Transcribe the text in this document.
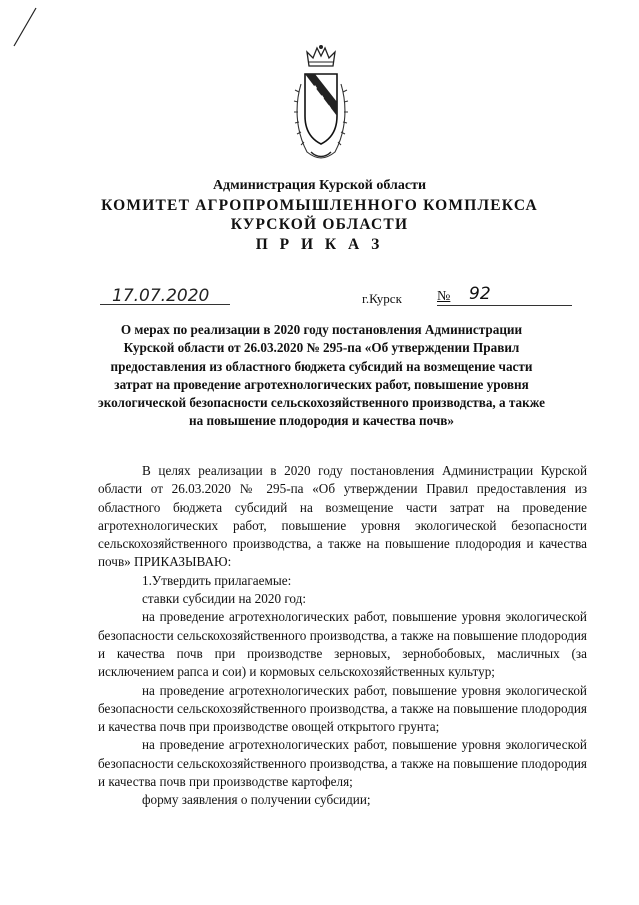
Администрация Курской области
КОМИТЕТ АГРОПРОМЫШЛЕННОГО КОМПЛЕКСА
КУРСКОЙ ОБЛАСТИ
П Р И К А З
17.07.2020	г.Курск	№ 92
О мерах по реализации в 2020 году постановления Администрации Курской области от 26.03.2020 № 295-па «Об утверждении Правил предоставления из областного бюджета субсидий на возмещение части затрат на проведение агротехнологических работ, повышение уровня экологической безопасности сельскохозяйственного производства, а также на повышение плодородия и качества почв»

В целях реализации в 2020 году постановления Администрации Курской области от 26.03.2020 № 295-па «Об утверждении Правил предоставления из областного бюджета субсидий на возмещение части затрат на проведение агротехнологических работ, повышение уровня экологической безопасности сельскохозяйственного производства, а также на повышение плодородия и качества почв» ПРИКАЗЫВАЮ:

1.Утвердить прилагаемые:

ставки субсидии на 2020 год:

на проведение агротехнологических работ, повышение уровня экологической безопасности сельскохозяйственного производства, а также на повышение плодородия и качества почв при производстве зерновых, зернобобовых, масличных (за исключением рапса и сои) и кормовых сельскохозяйственных культур;

на проведение агротехнологических работ, повышение уровня экологической безопасности сельскохозяйственного производства, а также на повышение плодородия и качества почв при производстве овощей открытого грунта;

на проведение агротехнологических работ, повышение уровня экологической безопасности сельскохозяйственного производства, а также на повышение плодородия и качества почв при производстве картофеля;

форму заявления о получении субсидии;
